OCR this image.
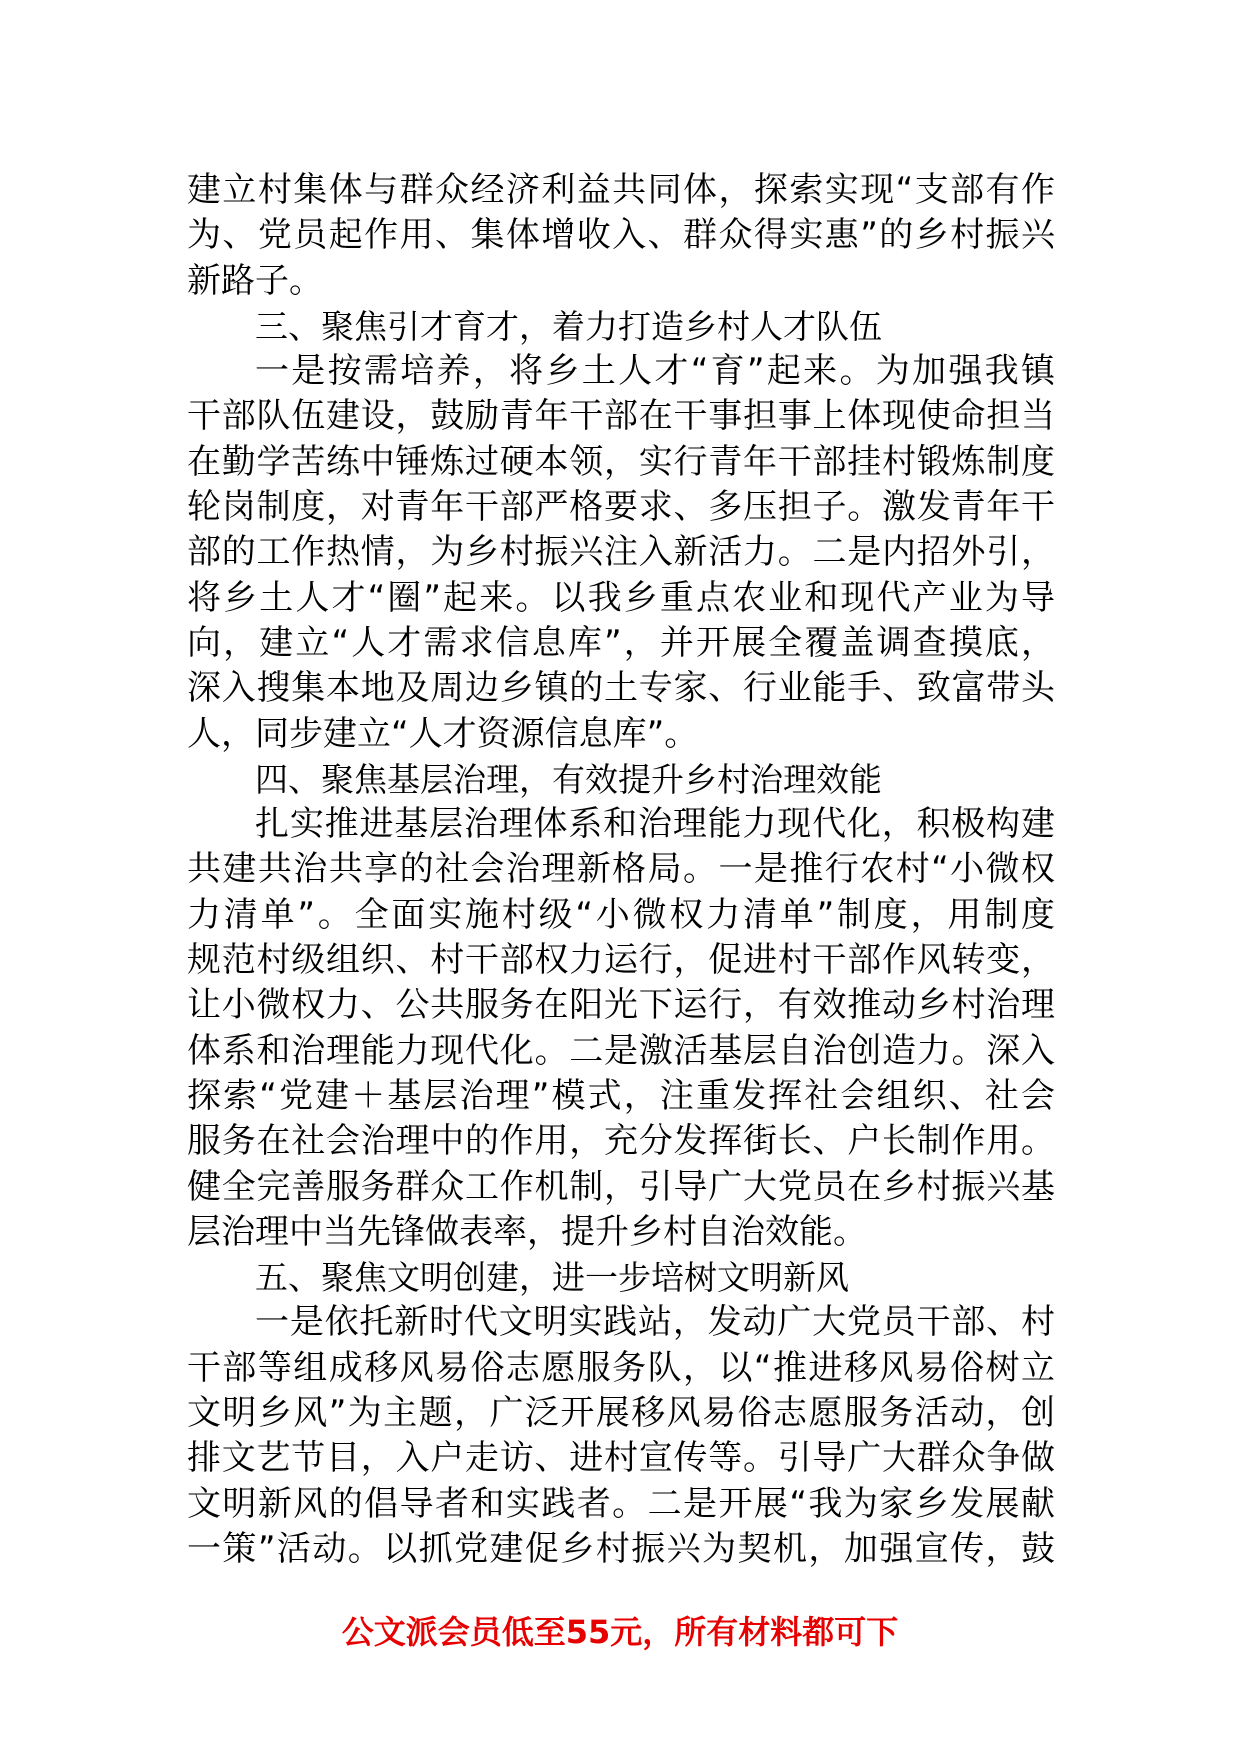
建立村集体与群众经济利益共同体，探索实现“支部有作
为、党员起作用、集体增收入、群众得实惠”的乡村振兴
新路子。
三、聚焦引才育才，着力打造乡村人才队伍
一是按需培养，将乡土人才“育”起来。为加强我镇
干部队伍建设，鼓励青年干部在干事担事上体现使命担当
在勤学苦练中锤炼过硬本领，实行青年干部挂村锻炼制度
轮岗制度，对青年干部严格要求、多压担子。激发青年干
部的工作热情，为乡村振兴注入新活力。二是内招外引，
将乡土人才“圈”起来。以我乡重点农业和现代产业为导
向，建立“人才需求信息库”，并开展全覆盖调查摸底，
深入搜集本地及周边乡镇的土专家、行业能手、致富带头
人，同步建立“人才资源信息库”。
四、聚焦基层治理，有效提升乡村治理效能
扎实推进基层治理体系和治理能力现代化，积极构建
共建共治共享的社会治理新格局。一是推行农村“小微权
力清单”。全面实施村级“小微权力清单”制度，用制度
规范村级组织、村干部权力运行，促进村干部作风转变，
让小微权力、公共服务在阳光下运行，有效推动乡村治理
体系和治理能力现代化。二是激活基层自治创造力。深入
探索“党建＋基层治理”模式，注重发挥社会组织、社会
服务在社会治理中的作用，充分发挥街长、户长制作用。
健全完善服务群众工作机制，引导广大党员在乡村振兴基
层治理中当先锋做表率，提升乡村自治效能。
五、聚焦文明创建，进一步培树文明新风
一是依托新时代文明实践站，发动广大党员干部、村
干部等组成移风易俗志愿服务队，以“推进移风易俗树立
文明乡风”为主题，广泛开展移风易俗志愿服务活动，创
排文艺节目，入户走访、进村宣传等。引导广大群众争做
文明新风的倡导者和实践者。二是开展“我为家乡发展献
一策”活动。以抓党建促乡村振兴为契机，加强宣传，鼓
公文派会员低至55元，所有材料都可下
